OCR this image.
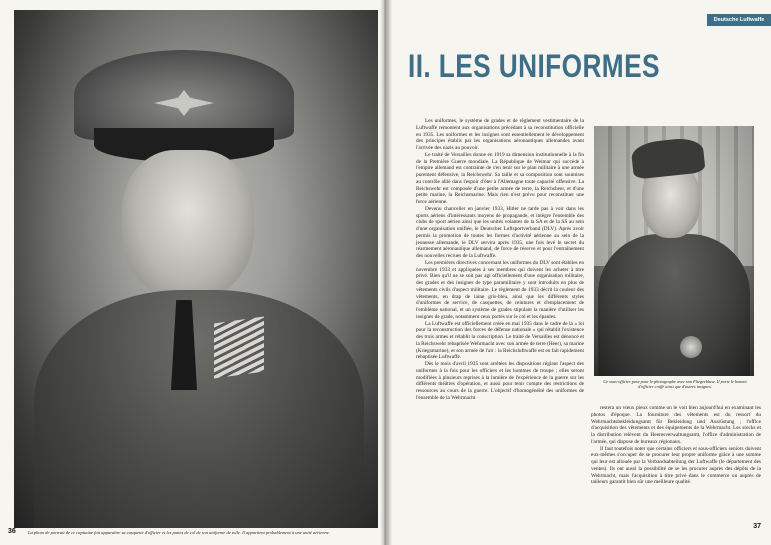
La photo de portrait de ce capitaine fait apparaître sa casquette d'officier et les pattes de col de son uniforme de toile. Il appartient probablement à une unité aérienne.
36
Deutsche Luftwaffe
II. LES UNIFORMES

Les uniformes, le système de grades et de règlement vestimentaire de la Luftwaffe remontent aux organisations précédant à sa reconstitution officielle en 1935. Les uniformes et les insignes sont essentiellement le développement des principes établis par les organisations aéronautiques allemandes avant l'arrivée des nazis au pouvoir.

Le traité de Versailles donne en 1919 sa dimension institutionnelle à la fin de la Première Guerre mondiale. La République de Weimar qui succède à l'empire allemand est contrainte de s'en tenir sur le plan militaire à une armée purement défensive, la Reichswehr. Sa taille et sa composition sont soumises au contrôle allié dans l'espoir d'ôter à l'Allemagne toute capacité offensive. La Reichswehr est composée d'une petite armée de terre, la Reichsheer, et d'une petite marine, la Reichsmarine. Mais rien n'est prévu pour reconstituer une force aérienne.

Devenu chancelier en janvier 1933, Hitler ne tarde pas à voir dans les sports aériens d'intéressants moyens de propagande, et intègre l'ensemble des clubs de sport aérien ainsi que les unités volantes de la SA et de la SS au sein d'une organisation unifiée, le Deutscher Luftsportverband (DLV). Après avoir permis la promotion de toutes les formes d'activité aérienne au sein de la jeunesse allemande, le DLV servira après 1935, une fois levé le secret du réarmement aéronautique allemand, de force de réserve et pour l'entraînement des nouvelles recrues de la Luftwaffe.

Les premières directives concernant les uniformes du DLV sont établies en novembre 1933 et appliquées à ses membres qui doivent les acheter à titre privé. Bien qu'il ne se soit pas agi officiellement d'une organisation militaire, des grades et des insignes de type paramilitaire y sont introduits en plus de vêtements civils d'aspect militaire. Le règlement de 1933 décrit la couleur des vêtements, en drap de laine gris-bleu, ainsi que les différents styles d'uniformes de service, de casquettes, de ceintures et d'emplacement de l'emblème national, et un système de grades stipulant la manière d'utiliser les insignes de grade, notamment ceux portés sur le col et les épaules.

La Luftwaffe est officiellement créée en mai 1935 dans le cadre de la « loi pour la reconstruction des forces de défense nationale » qui rétablit l'existence des trois armes et rétablit la conscription. Le traité de Versailles est dénoncé et la Reichswehr rebaptisée Wehrmacht avec son armée de terre (Heer), sa marine (Kriegsmarine), et son armée de l'air : la Reichsluftwaffe est en fait rapidement rebaptisée Luftwaffe.

Dès le mois d'avril 1935 sont arrêtées les dispositions réglant l'aspect des uniformes à la fois pour les officiers et les hommes de troupe ; elles seront modifiées à plusieurs reprises à la lumière de l'expérience de la guerre sur les différents théâtres d'opération, et aussi pour tenir compte des restrictions de ressources au cours de la guerre. L'objectif d'homogénéité des uniformes de l'ensemble de la Wehrmacht

Ce sous-officier pose pour le photographe avec son Fliegerbluse. Il porte le bonnet d'officier coiffé ainsi que d'autres insignes.

restera un vœux pieux comme on le voit bien aujourd'hui en examinant les photos d'époque. La fourniture des vêtements est du ressort du Wehrmachtsbekleidungsamt für Bekleidung und Ausrüstung ; l'office d'acquisition des vêtements et des équipements de la Wehrmacht. Les stocks et la distribution relèvent du Heeresverwaltungsamt, l'office d'administration de l'armée, qui dispose de bureaux régionaux.

Il faut toutefois noter que certains officiers et sous-officiers seniors doivent eux-mêmes s'occuper de se procurer leur propre uniforme grâce à une somme qui leur est allouée par la Verbandsabteilung der Luftwaffe (le département des ventes). Ils ont aussi la possibilité de se les procurer auprès des dépôts de la Wehrmacht, mais l'acquisition à titre privé dans le commerce ou auprès de tailleurs garantit bien sûr une meilleure qualité.

37
